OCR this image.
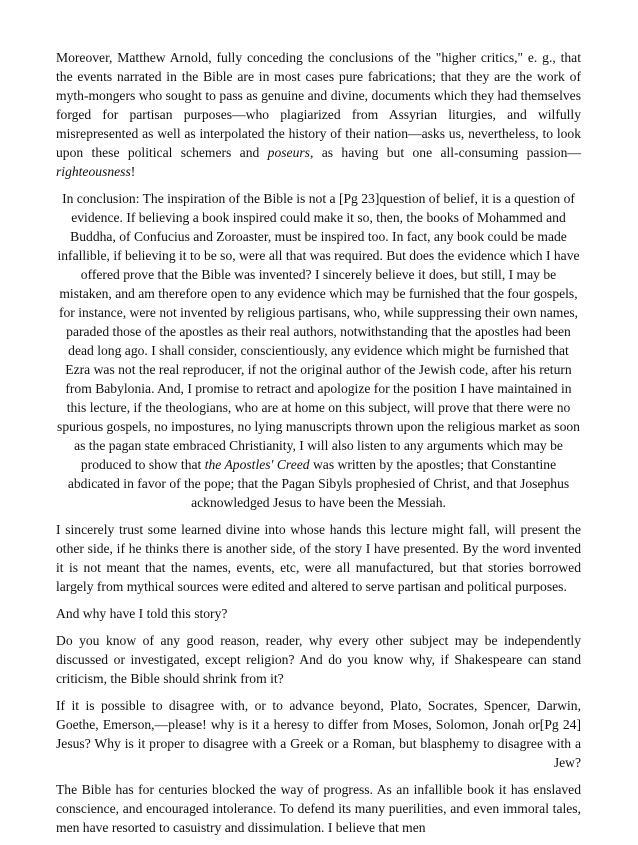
Moreover, Matthew Arnold, fully conceding the conclusions of the "higher critics," e. g., that the events narrated in the Bible are in most cases pure fabrications; that they are the work of myth-mongers who sought to pass as genuine and divine, documents which they had themselves forged for partisan purposes—who plagiarized from Assyrian liturgies, and wilfully misrepresented as well as interpolated the history of their nation—asks us, nevertheless, to look upon these political schemers and poseurs, as having but one all-consuming passion—righteousness!

In conclusion: The inspiration of the Bible is not a [Pg 23]question of belief, it is a question of evidence. If believing a book inspired could make it so, then, the books of Mohammed and Buddha, of Confucius and Zoroaster, must be inspired too. In fact, any book could be made infallible, if believing it to be so, were all that was required. But does the evidence which I have offered prove that the Bible was invented? I sincerely believe it does, but still, I may be mistaken, and am therefore open to any evidence which may be furnished that the four gospels, for instance, were not invented by religious partisans, who, while suppressing their own names, paraded those of the apostles as their real authors, notwithstanding that the apostles had been dead long ago. I shall consider, conscientiously, any evidence which might be furnished that Ezra was not the real reproducer, if not the original author of the Jewish code, after his return from Babylonia. And, I promise to retract and apologize for the position I have maintained in this lecture, if the theologians, who are at home on this subject, will prove that there were no spurious gospels, no impostures, no lying manuscripts thrown upon the religious market as soon as the pagan state embraced Christianity, I will also listen to any arguments which may be produced to show that the Apostles' Creed was written by the apostles; that Constantine abdicated in favor of the pope; that the Pagan Sibyls prophesied of Christ, and that Josephus acknowledged Jesus to have been the Messiah.

I sincerely trust some learned divine into whose hands this lecture might fall, will present the other side, if he thinks there is another side, of the story I have presented. By the word invented it is not meant that the names, events, etc, were all manufactured, but that stories borrowed largely from mythical sources were edited and altered to serve partisan and political purposes.

And why have I told this story?

Do you know of any good reason, reader, why every other subject may be independently discussed or investigated, except religion? And do you know why, if Shakespeare can stand criticism, the Bible should shrink from it?

If it is possible to disagree with, or to advance beyond, Plato, Socrates, Spencer, Darwin, Goethe, Emerson,—please! why is it a heresy to differ from Moses, Solomon, Jonah or[Pg 24] Jesus? Why is it proper to disagree with a Greek or a Roman, but blasphemy to disagree with a Jew?

The Bible has for centuries blocked the way of progress. As an infallible book it has enslaved conscience, and encouraged intolerance. To defend its many puerilities, and even immoral tales, men have resorted to casuistry and dissimulation. I believe that men
